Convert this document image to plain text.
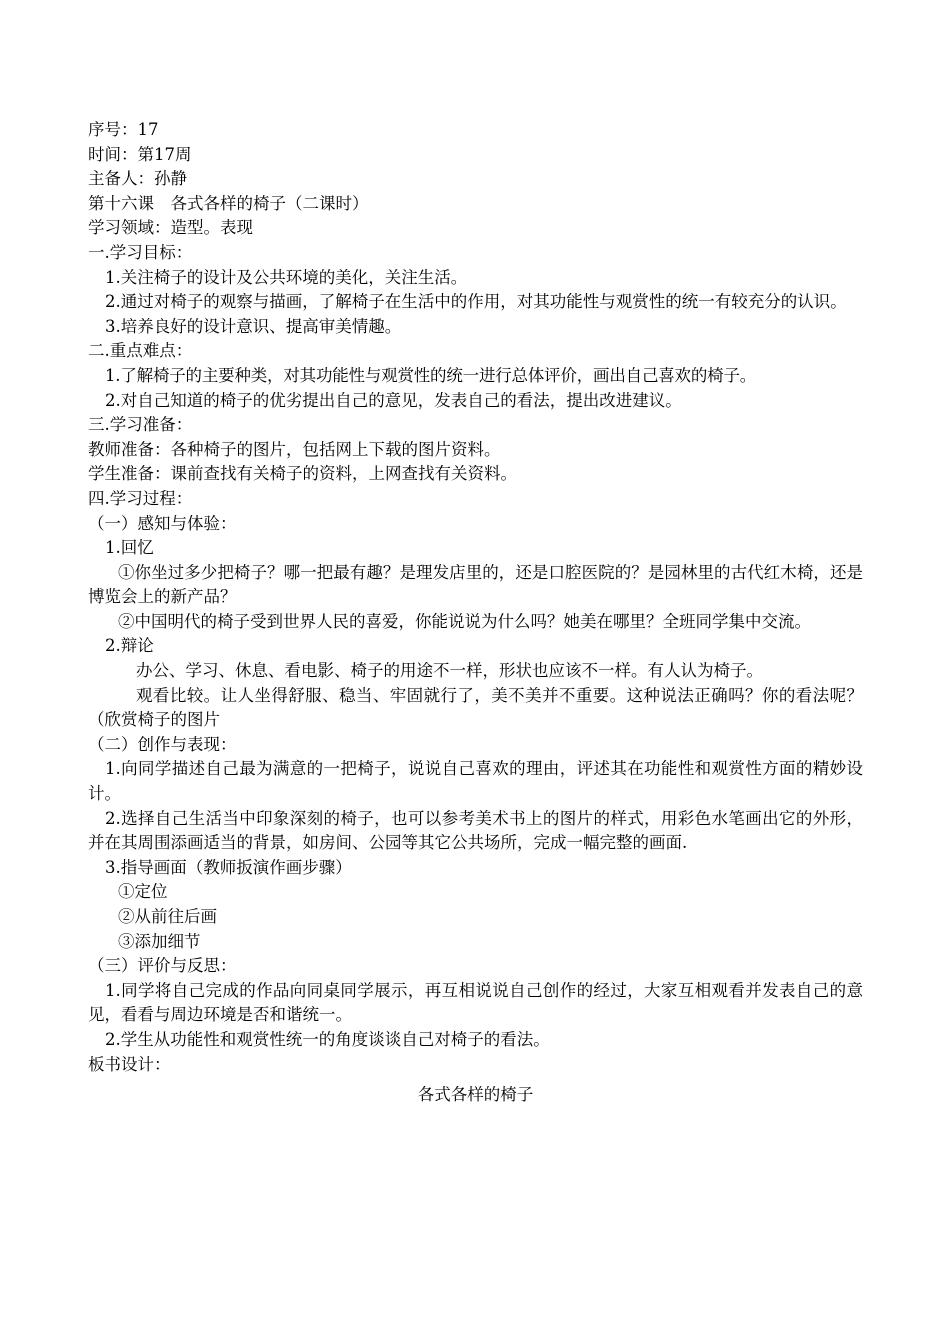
序号：17
时间：第17周
主备人：孙静
第十六课　各式各样的椅子（二课时）
学习领域：造型。表现
一.学习目标：
1.关注椅子的设计及公共环境的美化，关注生活。
2.通过对椅子的观察与描画，了解椅子在生活中的作用，对其功能性与观赏性的统一有较充分的认识。
3.培养良好的设计意识、提高审美情趣。
二.重点难点：
1.了解椅子的主要种类，对其功能性与观赏性的统一进行总体评价，画出自己喜欢的椅子。
2.对自己知道的椅子的优劣提出自己的意见，发表自己的看法，提出改进建议。
三.学习准备：
教师准备：各种椅子的图片，包括网上下载的图片资料。
学生准备：课前查找有关椅子的资料，上网查找有关资料。
四.学习过程：
（一）感知与体验：
1.回忆
①你坐过多少把椅子？哪一把最有趣？是理发店里的，还是口腔医院的？是园林里的古代红木椅，还是博览会上的新产品？
②中国明代的椅子受到世界人民的喜爱，你能说说为什么吗？她美在哪里？全班同学集中交流。
2.辩论
办公、学习、休息、看电影、椅子的用途不一样，形状也应该不一样。有人认为椅子。
观看比较。让人坐得舒服、稳当、牢固就行了，美不美并不重要。这种说法正确吗？你的看法呢？（欣赏椅子的图片
（二）创作与表现：
1.向同学描述自己最为满意的一把椅子，说说自己喜欢的理由，评述其在功能性和观赏性方面的精妙设计。
2.选择自己生活当中印象深刻的椅子，也可以参考美术书上的图片的样式，用彩色水笔画出它的外形，并在其周围添画适当的背景，如房间、公园等其它公共场所，完成一幅完整的画面.
3.指导画面（教师扳演作画步骤）
①定位
②从前往后画
③添加细节
（三）评价与反思：
1.同学将自己完成的作品向同桌同学展示，再互相说说自己创作的经过，大家互相观看并发表自己的意见，看看与周边环境是否和谐统一。
2.学生从功能性和观赏性统一的角度谈谈自己对椅子的看法。
板书设计：
各式各样的椅子
